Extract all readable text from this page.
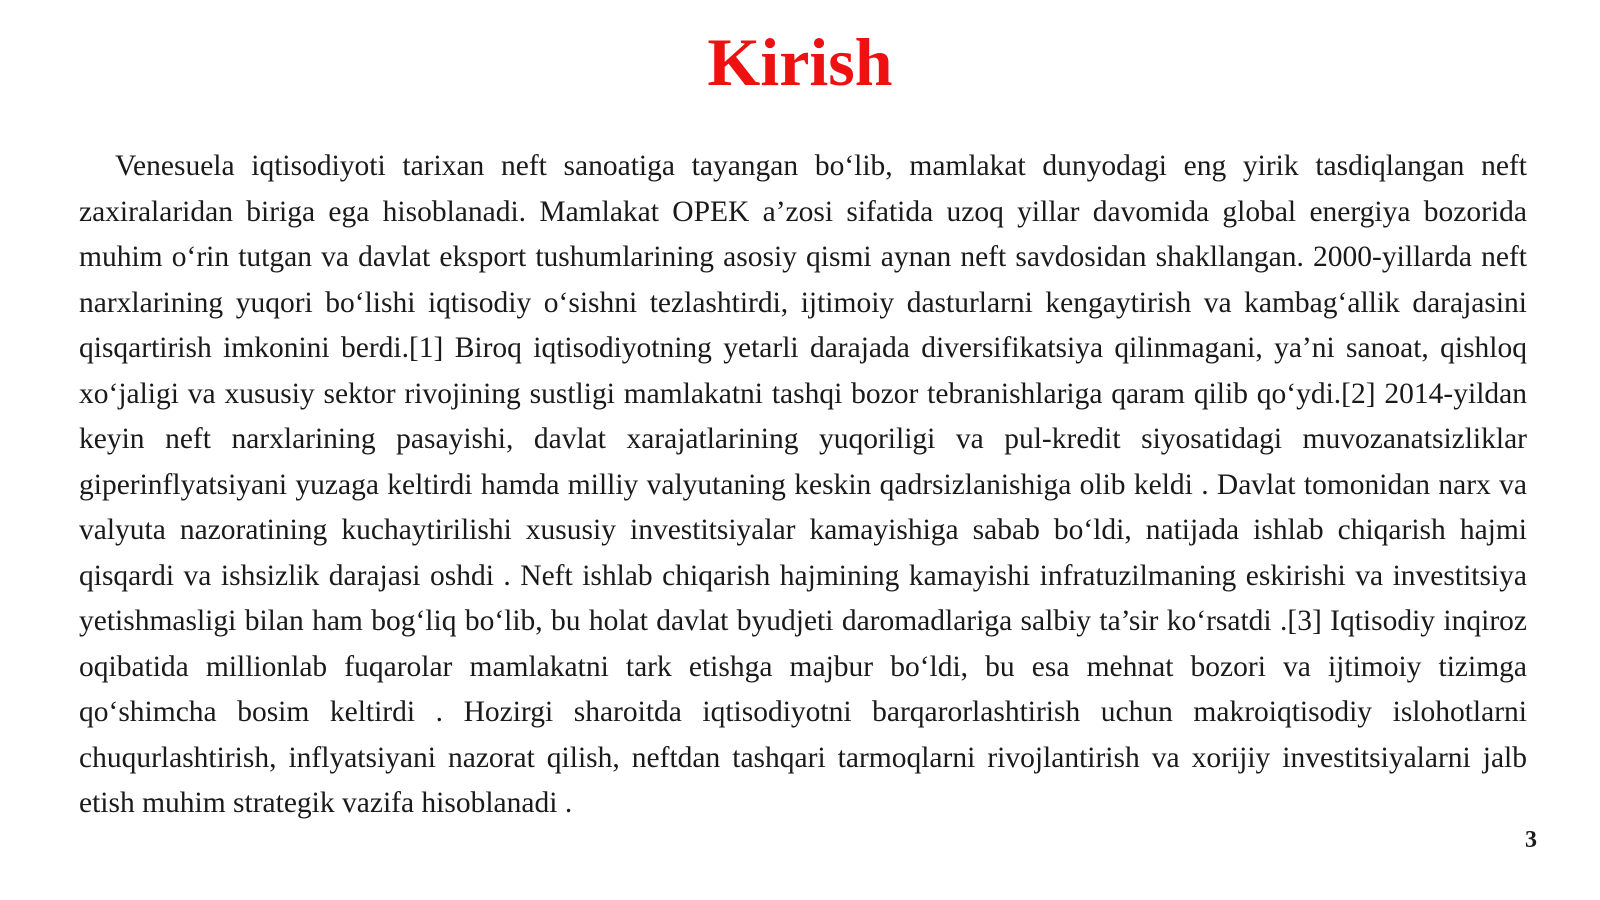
Kirish

Venesuela iqtisodiyoti tarixan neft sanoatiga tayangan bo‘lib, mamlakat dunyodagi eng yirik tasdiqlangan neft zaxiralaridan biriga ega hisoblanadi. Mamlakat OPEK a’zosi sifatida uzoq yillar davomida global energiya bozorida muhim o‘rin tutgan va davlat eksport tushumlarining asosiy qismi aynan neft savdosidan shakllangan. 2000-yillarda neft narxlarining yuqori bo‘lishi iqtisodiy o‘sishni tezlashtirdi, ijtimoiy dasturlarni kengaytirish va kambag‘allik darajasini qisqartirish imkonini berdi.[1] Biroq iqtisodiyotning yetarli darajada diversifikatsiya qilinmagani, ya’ni sanoat, qishloq xo‘jaligi va xususiy sektor rivojining sustligi mamlakatni tashqi bozor tebranishlariga qaram qilib qo‘ydi.[2] 2014-yildan keyin neft narxlarining pasayishi, davlat xarajatlarining yuqoriligi va pul-kredit siyosatidagi muvozanatsizliklar giperinflyatsiyani yuzaga keltirdi hamda milliy valyutaning keskin qadrsizlanishiga olib keldi . Davlat tomonidan narx va valyuta nazoratining kuchaytirilishi xususiy investitsiyalar kamayishiga sabab bo‘ldi, natijada ishlab chiqarish hajmi qisqardi va ishsizlik darajasi oshdi . Neft ishlab chiqarish hajmining kamayishi infratuzilmaning eskirishi va investitsiya yetishmasligi bilan ham bog‘liq bo‘lib, bu holat davlat byudjeti daromadlariga salbiy ta’sir ko‘rsatdi .[3] Iqtisodiy inqiroz oqibatida millionlab fuqarolar mamlakatni tark etishga majbur bo‘ldi, bu esa mehnat bozori va ijtimoiy tizimga qo‘shimcha bosim keltirdi . Hozirgi sharoitda iqtisodiyotni barqarorlashtirish uchun makroiqtisodiy islohotlarni chuqurlashtirish, inflyatsiyani nazorat qilish, neftdan tashqari tarmoqlarni rivojlantirish va xorijiy investitsiyalarni jalb etish muhim strategik vazifa hisoblanadi .

3
